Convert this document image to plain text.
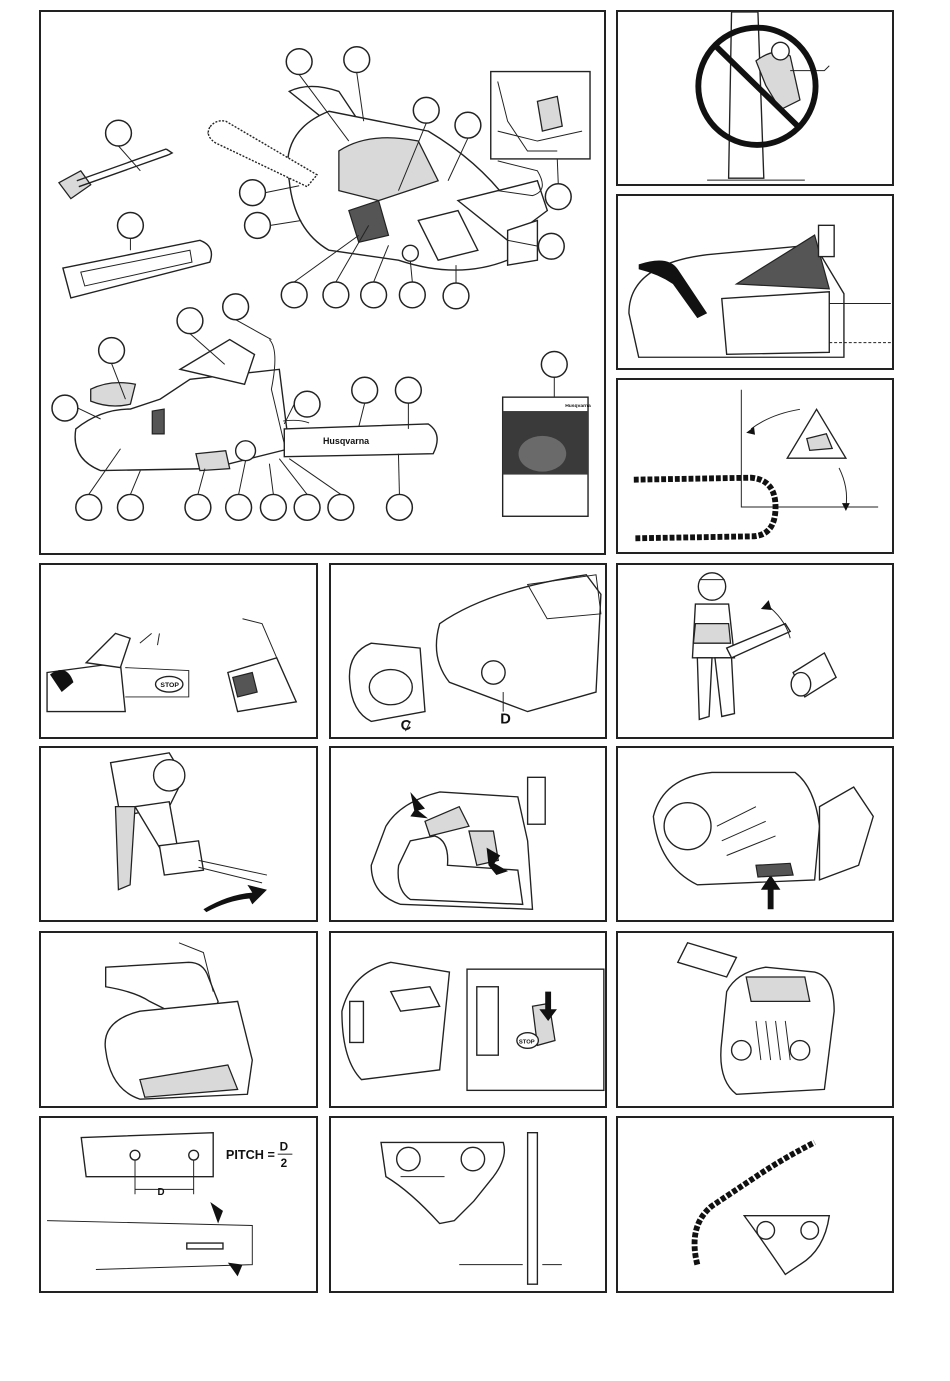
Husqvarna
Husqvarna
STOP
C	D
STOP
D
PITCH =
D
2
